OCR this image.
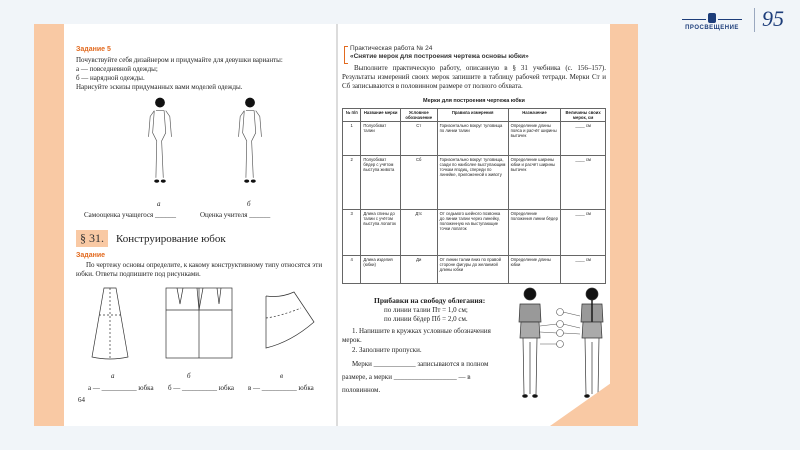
ПРОСВЕЩЕНИЕ 95
Задание 5
Почувствуйте себя дизайнером и придумайте для девушки варианты:
а — повседневной одежды;
б — нарядной одежды.
Нарисуйте эскизы придуманных вами моделей одежды.
а	б
Самооценка учащегося ______	Оценка учителя ______
§ 31.	Конструирование юбок
Задание
По чертежу основы определите, к какому конструктивному типу относятся эти юбки. Ответы подпишите под рисунками.
а	б	в
а — __________ юбка б — __________ юбка в — __________ юбка
64
Практическая работа № 24
«Снятие мерок для построения чертежа основы юбки»
Выполните практическую работу, описанную в § 31 учебника (с. 156–157). Результаты измерений своих мерок запишите в таблицу рабочей тетради. Мерки Ст и Сб записываются в половинном размере от полного обхвата.
Мерки для построения чертежа юбки
№ п/п	Название мерки	Условное обозначение	Правила измерения	Назначение	Величины своих мерок, см
1	Полуобхват талии	Ст	Горизонтально вокруг туловища по линии талии	Определение длины пояса и расчёт ширины вытачек	____ см
2	Полуобхват бёдер с учётом выступа живота	Сб	Горизонтально вокруг туловища, сзади по наиболее выступающим точкам ягодиц, спереди по линейке, приложенной к животу	Определение ширины юбки и расчёт ширины вытачек	____ см
3	Длина спины до талии с учётом выступа лопаток	Дтс	От седьмого шейного позвонка до линии талии через линейку, положенную на выступающие точки лопаток	Определение положения линии бёдер	____ см
4	Длина изделия (юбки)	Ди	От линии талии вниз по правой стороне фигуры до желаемой длины юбки	Определение длины юбки	____ см
Прибавки на свободу облегания:
по линии талии Пт = 1,0 см;
по линии бёдер Пб = 2,0 см.
1. Напишите в кружках условные обозначения мерок.
2. Заполните пропуски.
Мерки ____________ записываются в полном размере, а мерки __________________ — в половинном.
